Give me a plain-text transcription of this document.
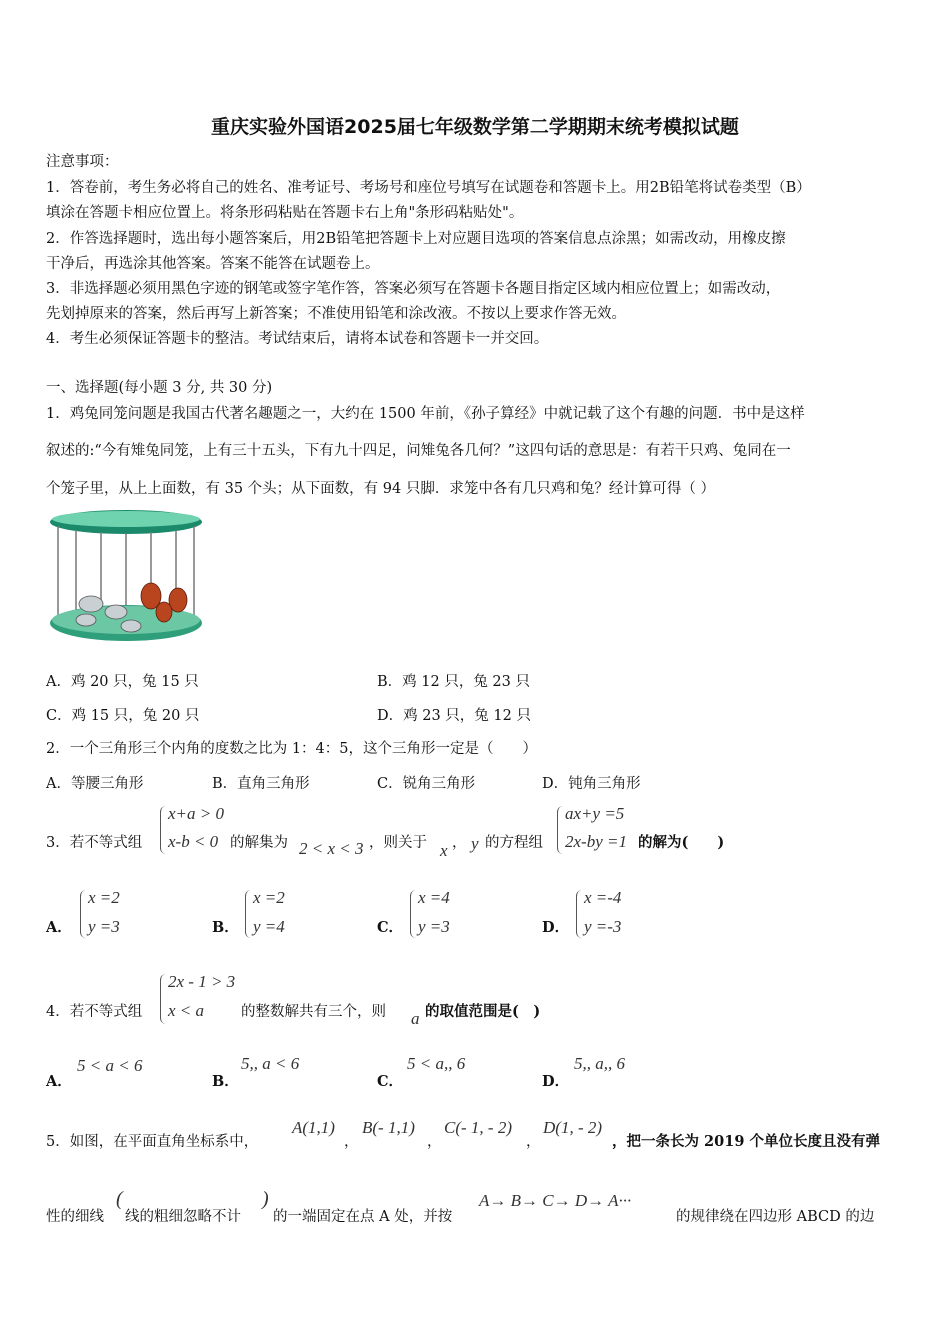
重庆实验外国语2025届七年级数学第二学期期末统考模拟试题
注意事项：
1．答卷前，考生务必将自己的姓名、准考证号、考场号和座位号填写在试题卷和答题卡上。用2B铅笔将试卷类型（B）
填涂在答题卡相应位置上。将条形码粘贴在答题卡右上角"条形码粘贴处"。
2．作答选择题时，选出每小题答案后，用2B铅笔把答题卡上对应题目选项的答案信息点涂黑；如需改动，用橡皮擦
干净后，再选涂其他答案。答案不能答在试题卷上。
3．非选择题必须用黑色字迹的钢笔或签字笔作答，答案必须写在答题卡各题目指定区域内相应位置上；如需改动，
先划掉原来的答案，然后再写上新答案；不准使用铅笔和涂改液。不按以上要求作答无效。
4．考生必须保证答题卡的整洁。考试结束后，请将本试卷和答题卡一并交回。
一、选择题(每小题 3 分, 共 30 分)
1．鸡兔同笼问题是我国古代著名趣题之一，大约在 1500 年前，《孙子算经》中就记载了这个有趣的问题．书中是这样
叙述的:“今有雉兔同笼，上有三十五头，下有九十四足，问雉兔各几何？”这四句话的意思是：有若干只鸡、兔同在一
个笼子里，从上上面数，有 35 个头；从下面数，有 94 只脚．求笼中各有几只鸡和兔？经计算可得（ ）
A．鸡 20 只，兔 15 只	B．鸡 12 只，兔 23 只
C．鸡 15 只，兔 20 只	D．鸡 23 只，兔 12 只
2．一个三角形三个内角的度数之比为 1：4：5，这个三角形一定是（　　）
A．等腰三角形	B．直角三角形	C．锐角三角形	D．钝角三角形
3．若不等式组
x+a > 0
x-b < 0 的解集为 2 < x < 3 ，则关于 x ， y 的方程组
ax+y =5
2x-by =1 的解为(　　)
A．
x =2
y =3	B．
x =2
y =4	C．
x =4
y =3	D．
x =-4
y =-3
4．若不等式组
2x - 1 > 3
x < a	的整数解共有三个，则 a 的取值范围是(　)
A．
5 < a < 6
B．
5,, a < 6
C．
5 < a,, 6
D．
5,, a,, 6
5．如图，在平面直角坐标系中，
A(1,1)
，
B(- 1,1)
，
C(- 1, - 2)
，
D(1, - 2)
，把一条长为 2019 个单位长度且没有弹
性的细线
(
线的粗细忽略不计
)
的一端固定在点 A 处，并按
A→ B→ C→ D→ A···
的规律绕在四边形 ABCD 的边
